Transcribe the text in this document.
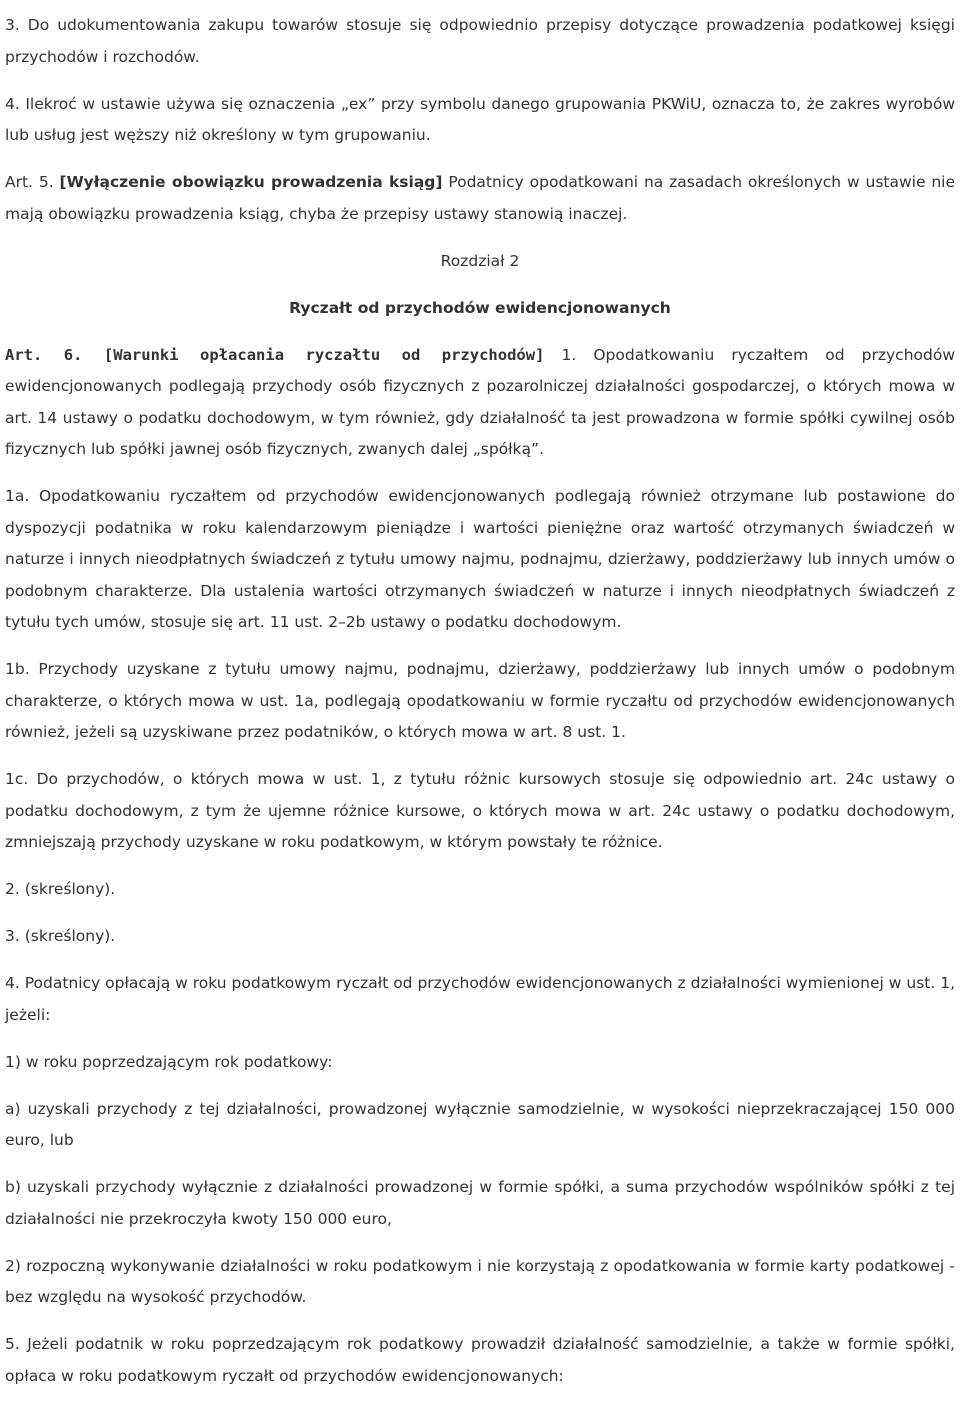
3. Do udokumentowania zakupu towarów stosuje się odpowiednio przepisy dotyczące prowadzenia podatkowej księgi przychodów i rozchodów.

4. Ilekroć w ustawie używa się oznaczenia „ex” przy symbolu danego grupowania PKWiU, oznacza to, że zakres wyrobów lub usług jest węższy niż określony w tym grupowaniu.

Art. 5. [Wyłączenie obowiązku prowadzenia ksiąg] Podatnicy opodatkowani na zasadach określonych w ustawie nie mają obowiązku prowadzenia ksiąg, chyba że przepisy ustawy stanowią inaczej.

Rozdział 2

Ryczałt od przychodów ewidencjonowanych

Art. 6. [Warunki opłacania ryczałtu od przychodów] 1. Opodatkowaniu ryczałtem od przychodów ewidencjonowanych podlegają przychody osób fizycznych z pozarolniczej działalności gospodarczej, o których mowa w art. 14 ustawy o podatku dochodowym, w tym również, gdy działalność ta jest prowadzona w formie spółki cywilnej osób fizycznych lub spółki jawnej osób fizycznych, zwanych dalej „spółką”.

1a. Opodatkowaniu ryczałtem od przychodów ewidencjonowanych podlegają również otrzymane lub postawione do dyspozycji podatnika w roku kalendarzowym pieniądze i wartości pieniężne oraz wartość otrzymanych świadczeń w naturze i innych nieodpłatnych świadczeń z tytułu umowy najmu, podnajmu, dzierżawy, poddzierżawy lub innych umów o podobnym charakterze. Dla ustalenia wartości otrzymanych świadczeń w naturze i innych nieodpłatnych świadczeń z tytułu tych umów, stosuje się art. 11 ust. 2–2b ustawy o podatku dochodowym.

1b. Przychody uzyskane z tytułu umowy najmu, podnajmu, dzierżawy, poddzierżawy lub innych umów o podobnym charakterze, o których mowa w ust. 1a, podlegają opodatkowaniu w formie ryczałtu od przychodów ewidencjonowanych również, jeżeli są uzyskiwane przez podatników, o których mowa w art. 8 ust. 1.

1c. Do przychodów, o których mowa w ust. 1, z tytułu różnic kursowych stosuje się odpowiednio art. 24c ustawy o podatku dochodowym, z tym że ujemne różnice kursowe, o których mowa w art. 24c ustawy o podatku dochodowym, zmniejszają przychody uzyskane w roku podatkowym, w którym powstały te różnice.

2. (skreślony).

3. (skreślony).

4. Podatnicy opłacają w roku podatkowym ryczałt od przychodów ewidencjonowanych z działalności wymienionej w ust. 1, jeżeli:

1) w roku poprzedzającym rok podatkowy:

a) uzyskali przychody z tej działalności, prowadzonej wyłącznie samodzielnie, w wysokości nieprzekraczającej 150 000 euro, lub

b) uzyskali przychody wyłącznie z działalności prowadzonej w formie spółki, a suma przychodów wspólników spółki z tej działalności nie przekroczyła kwoty 150 000 euro,

2) rozpoczną wykonywanie działalności w roku podatkowym i nie korzystają z opodatkowania w formie karty podatkowej - bez względu na wysokość przychodów.

5. Jeżeli podatnik w roku poprzedzającym rok podatkowy prowadził działalność samodzielnie, a także w formie spółki, opłaca w roku podatkowym ryczałt od przychodów ewidencjonowanych:
